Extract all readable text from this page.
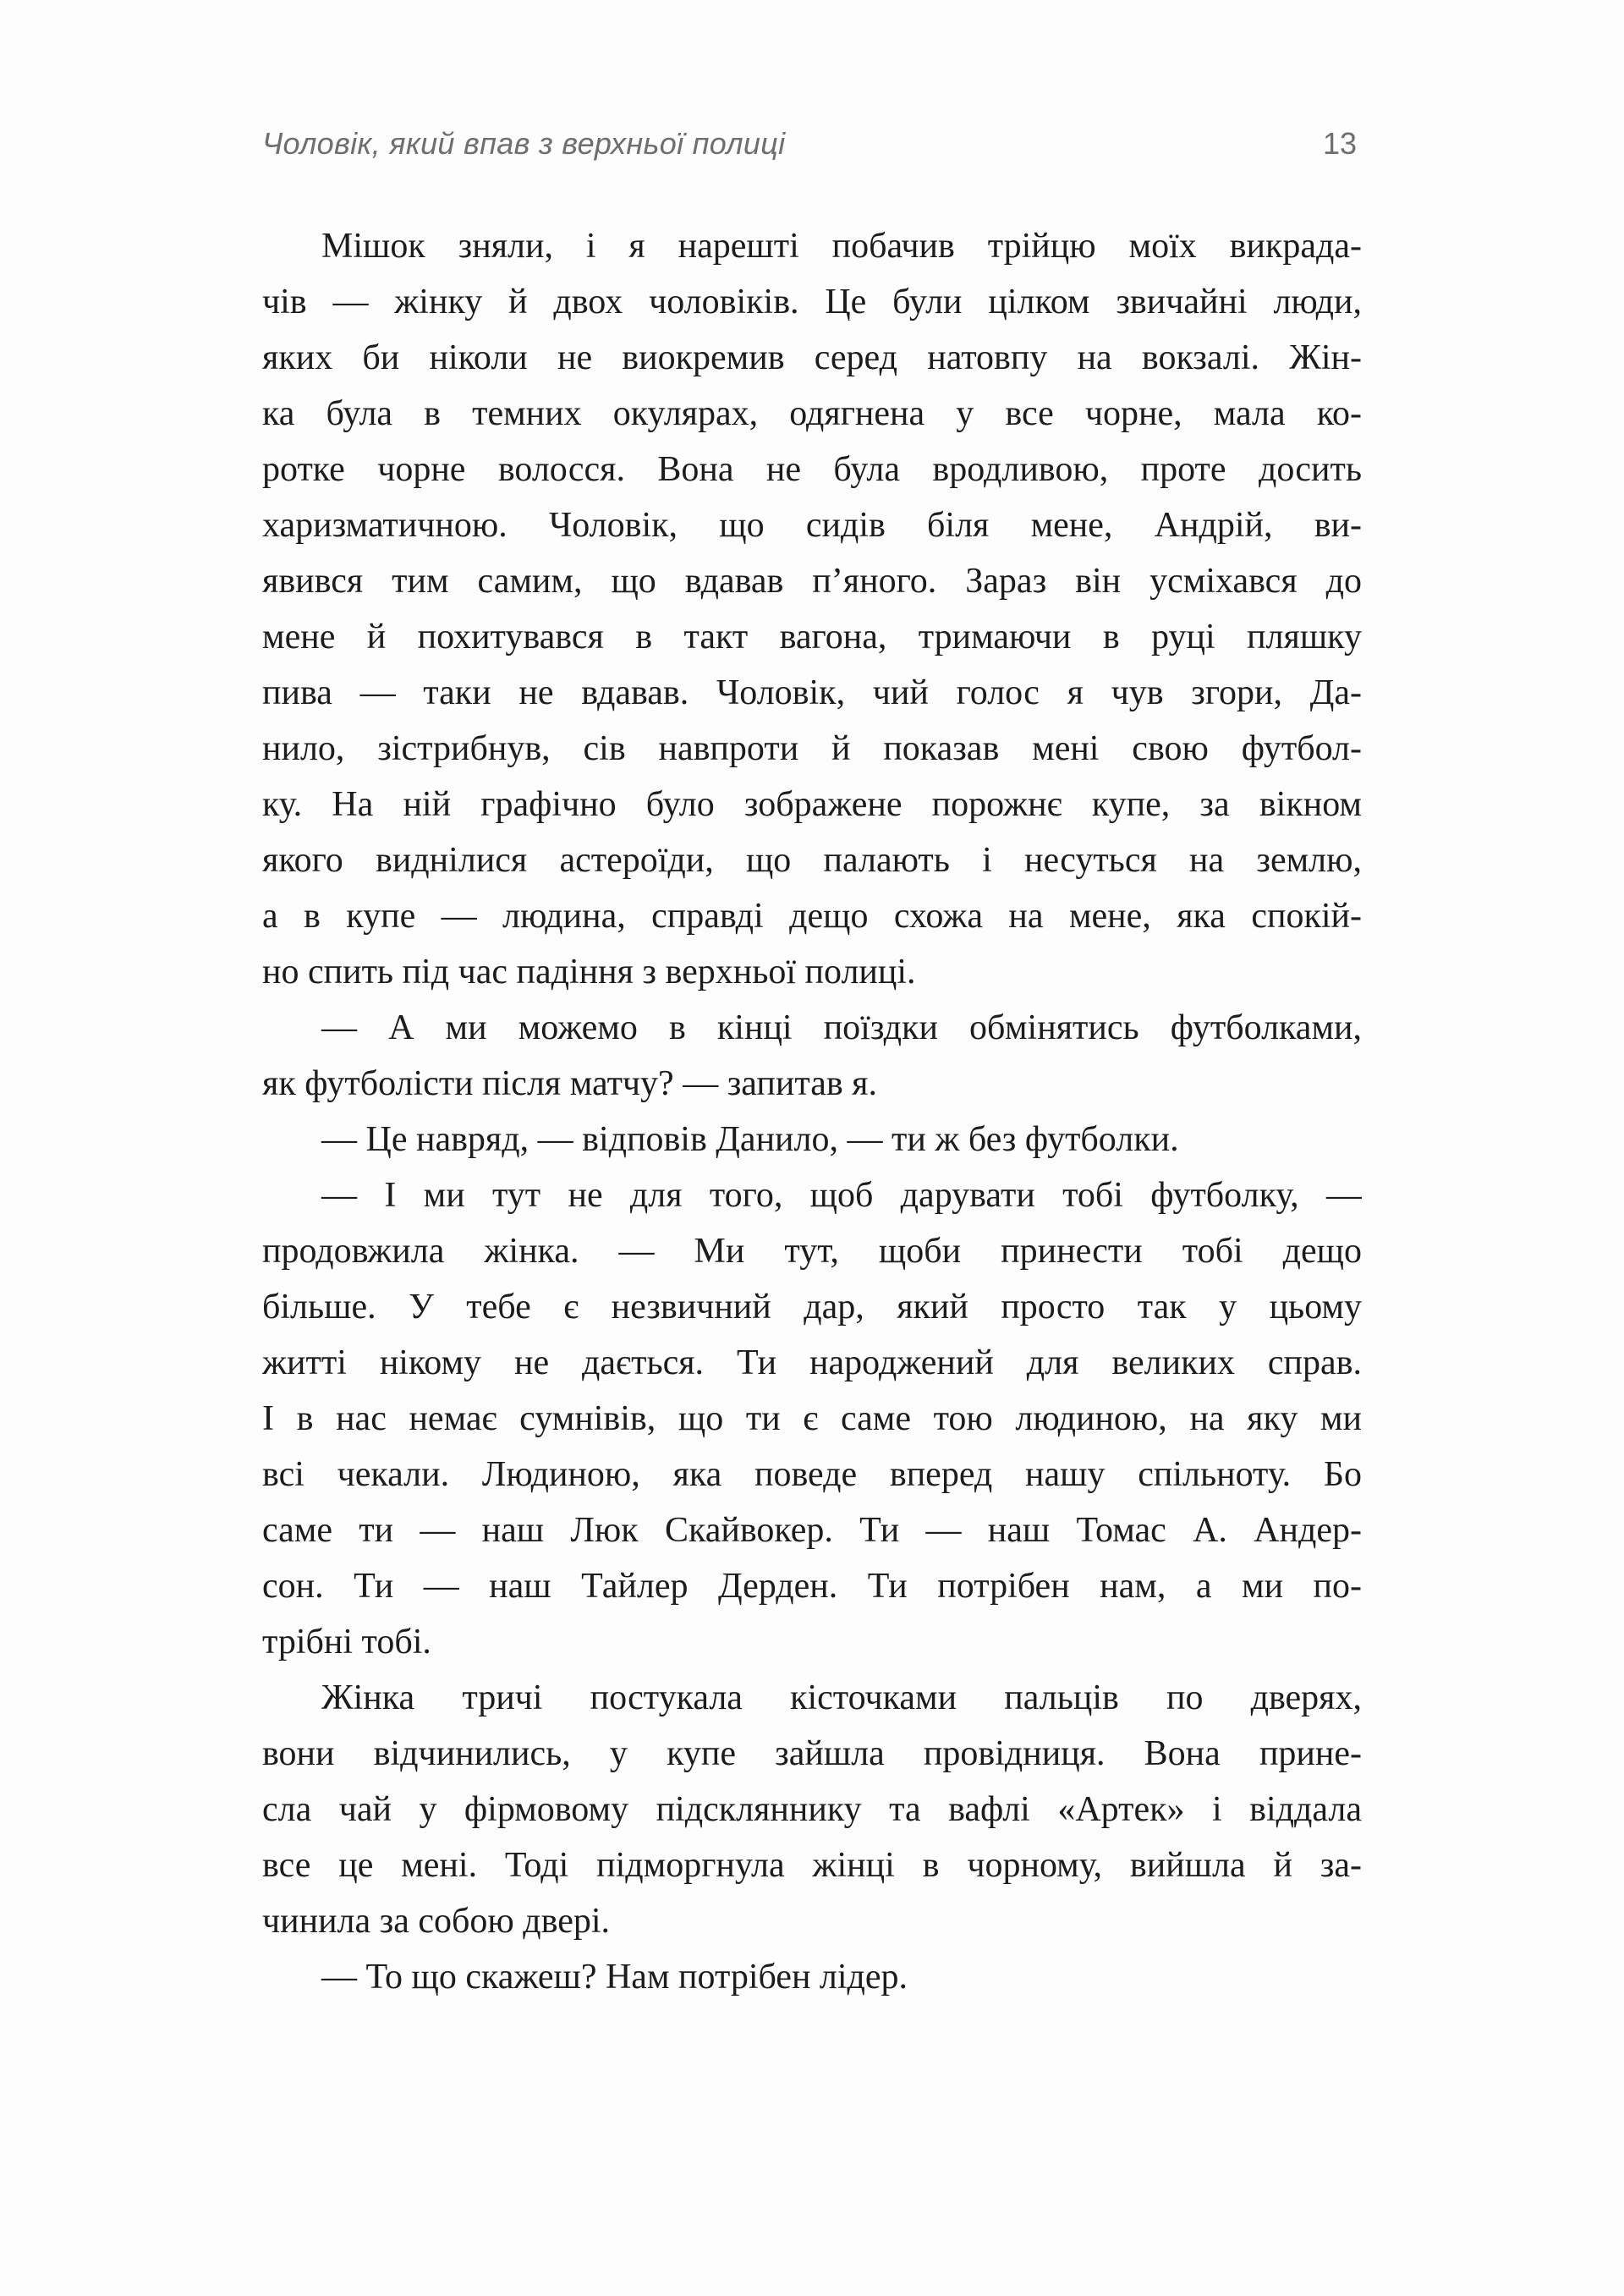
Чоловік, який впав з верхньої полиці	13
Мішок зняли, і я нарешті побачив трійцю моїх викрада-
чів — жінку й двох чоловіків. Це були цілком звичайні люди,
яких би ніколи не виокремив серед натовпу на вокзалі. Жін-
ка була в темних окулярах, одягнена у все чорне, мала ко-
ротке чорне волосся. Вона не була вродливою, проте досить
харизматичною. Чоловік, що сидів біля мене, Андрій, ви-
явився тим самим, що вдавав п’яного. Зараз він усміхався до
мене й похитувався в такт вагона, тримаючи в руці пляшку
пива — таки не вдавав. Чоловік, чий голос я чув згори, Да-
нило, зістрибнув, сів навпроти й показав мені свою футбол-
ку. На ній графічно було зображене порожнє купе, за вікном
якого виднілися астероїди, що палають і несуться на землю,
а в купе — людина, справді дещо схожа на мене, яка спокій-
но спить під час падіння з верхньої полиці.
— А ми можемо в кінці поїздки обмінятись футболками,
як футболісти після матчу? — запитав я.
— Це навряд, — відповів Данило, — ти ж без футболки.
— І ми тут не для того, щоб дарувати тобі футболку, —
продовжила жінка. — Ми тут, щоби принести тобі дещо
більше. У тебе є незвичний дар, який просто так у цьому
житті нікому не дається. Ти народжений для великих справ.
І в нас немає сумнівів, що ти є саме тою людиною, на яку ми
всі чекали. Людиною, яка поведе вперед нашу спільноту. Бо
саме ти — наш Люк Скайвокер. Ти — наш Томас А. Андер-
сон. Ти — наш Тайлер Дерден. Ти потрібен нам, а ми по-
трібні тобі.
Жінка тричі постукала кісточками пальців по дверях,
вони відчинились, у купе зайшла провідниця. Вона прине-
сла чай у фірмовому підскляннику та вафлі «Артек» і віддала
все це мені. Тоді підморгнула жінці в чорному, вийшла й за-
чинила за собою двері.
— То що скажеш? Нам потрібен лідер.
